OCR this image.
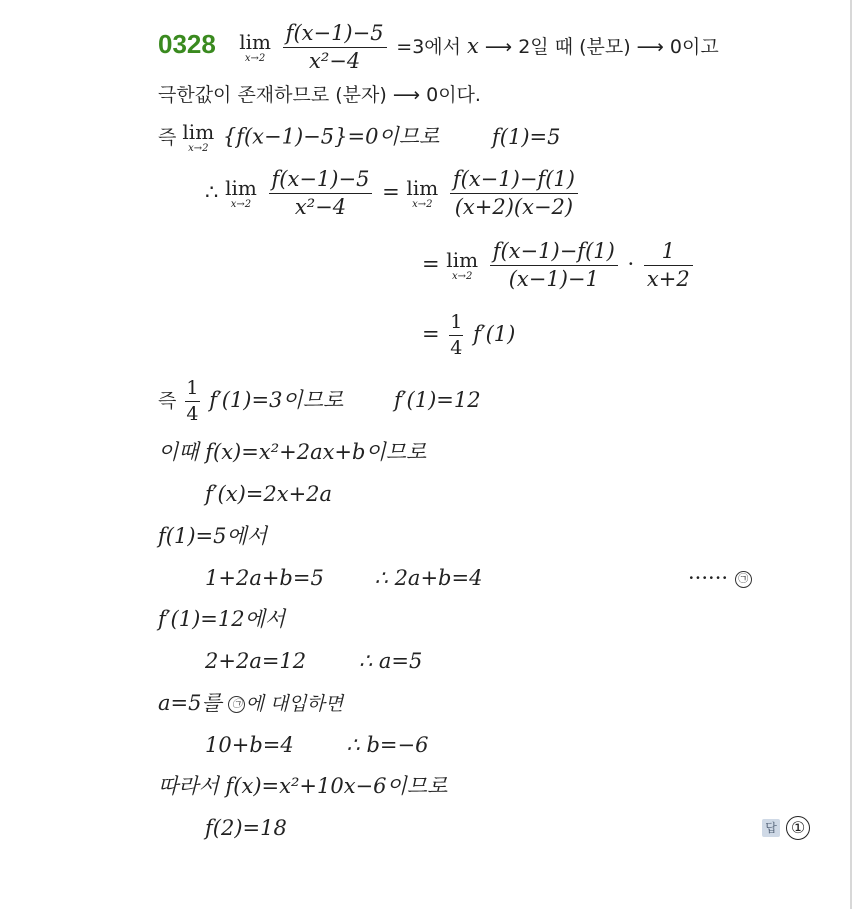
0328 lim
x→2
$\frac{f(x-1)-5}{\text{x²−4}} =3$에서 x ⟶ 2일 때 (분모) ⟶ 0이고
극한값이 존재하므로 (분자) ⟶ 0이다.
즉 lim
x→2 {f(x−1)−5}=0이므로	f(1)=5
∴ lim
x→2
$\frac{f(x-1)-5}{\text{x²−4}} = \lim$
x→2
$\frac{f(x-1)-f(1)}{(x+2)(x-2)}$
= lim
x→2
$\frac{f(x-1)-f(1)}{(x-1)-1} \cdot \frac{1}{x+2}$
= $\frac{1}{4} f'(1)$
즉 $\frac{1}{4} f'(1)=3$이므로 f′(1)=12
이때 f(x)=x²+2ax+b이므로
f′(x)=2x+2a
f(1)=5에서
1+2a+b=5 ∴ 2a+b=4	······ ㉠
f′(1)=12에서
2+2a=12	∴ a=5
a=5를 ㉠ 에 대입하면
10+b=4	∴ b=−6
따라서 f(x)=x²+10x−6이므로
f(2)=18	답 ①
